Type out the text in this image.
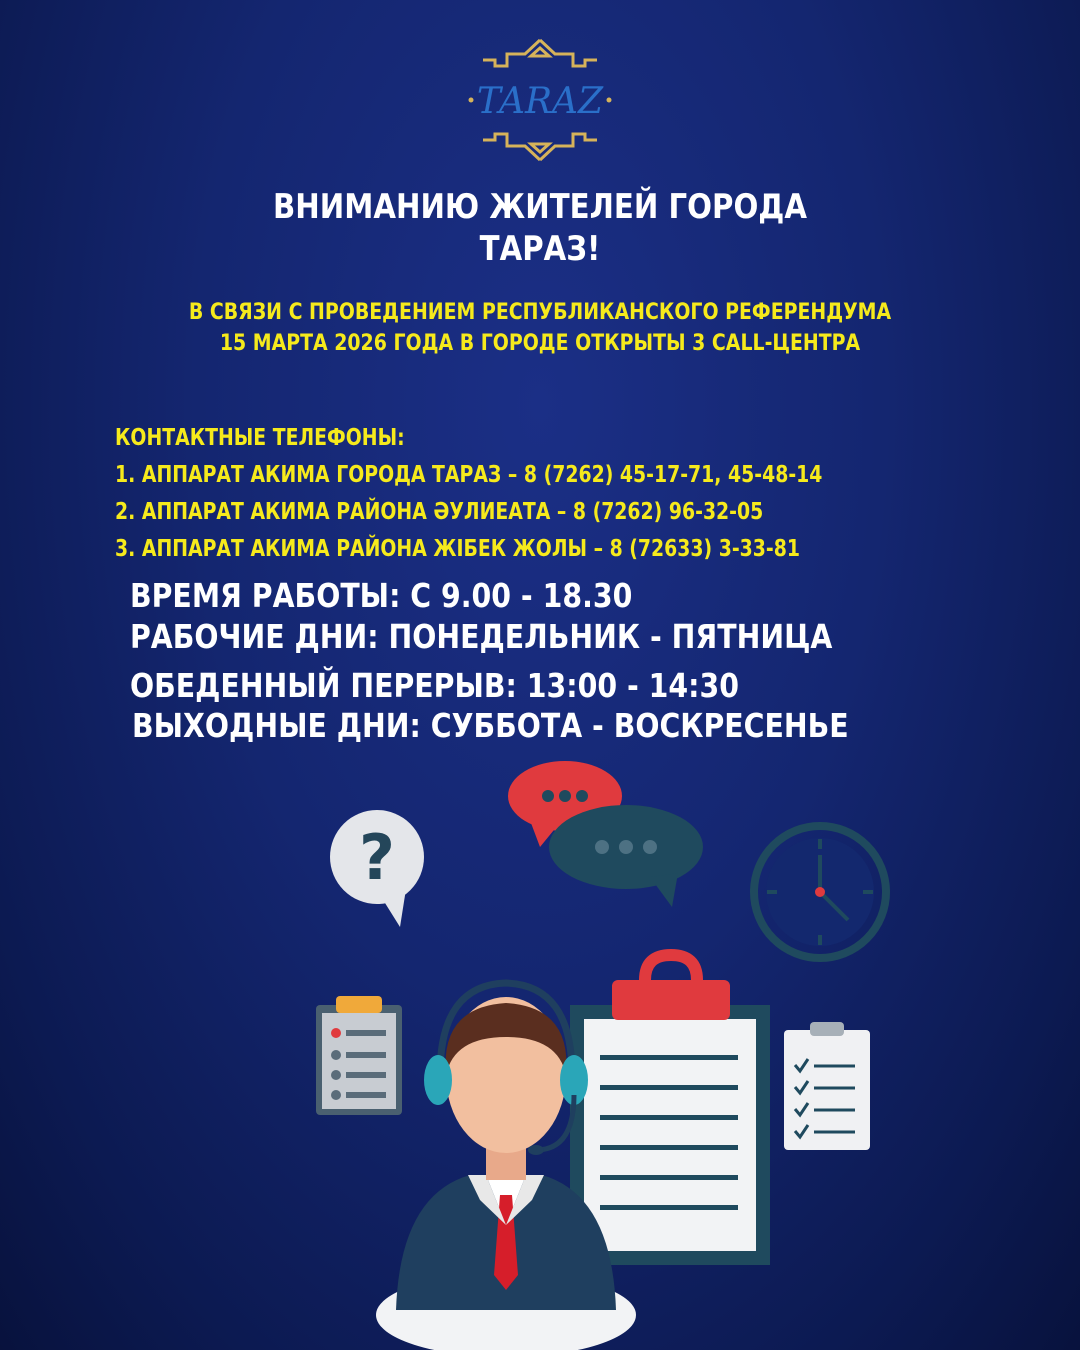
TARAZ
ВНИМАНИЮ ЖИТЕЛЕЙ ГОРОДА
ТАРАЗ!
В СВЯЗИ С ПРОВЕДЕНИЕМ РЕСПУБЛИКАНСКОГО РЕФЕРЕНДУМА
15 МАРТА 2026 ГОДА В ГОРОДЕ ОТКРЫТЫ 3 CALL-ЦЕНТРА
КОНТАКТНЫЕ ТЕЛЕФОНЫ:
1. АППАРАТ АКИМА ГОРОДА ТАРАЗ – 8 (7262) 45-17-71, 45-48-14
2. АППАРАТ АКИМА РАЙОНА ӘУЛИЕАТА – 8 (7262) 96-32-05
3. АППАРАТ АКИМА РАЙОНА ЖІБЕК ЖОЛЫ – 8 (72633) 3-33-81
ВРЕМЯ РАБОТЫ: С 9.00 - 18.30
РАБОЧИЕ ДНИ: ПОНЕДЕЛЬНИК - ПЯТНИЦА
ОБЕДЕННЫЙ ПЕРЕРЫВ: 13:00 - 14:30
ВЫХОДНЫЕ ДНИ: СУББОТА - ВОСКРЕСЕНЬЕ
?
